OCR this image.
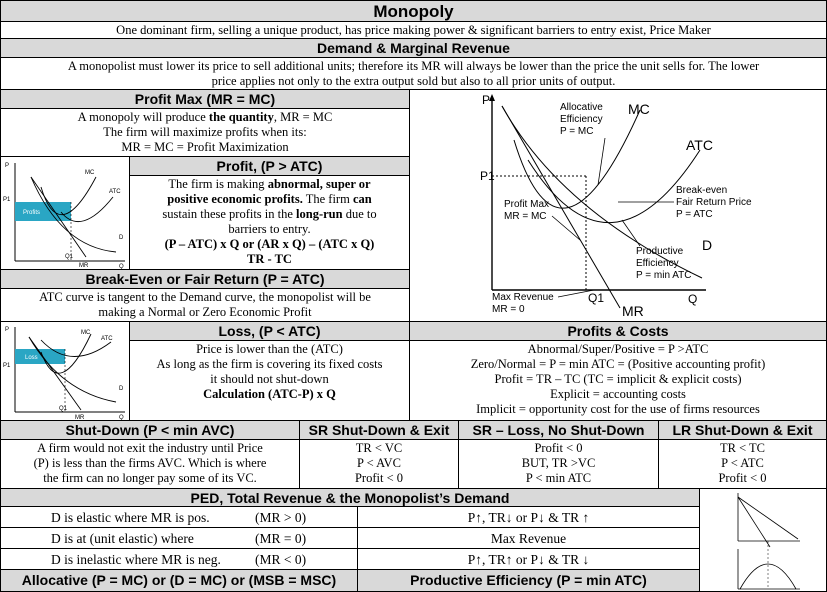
Monopoly
One dominant firm, selling a unique product, has price making power & significant barriers to entry exist, Price Maker
Demand & Marginal Revenue
A monopolist must lower its price to sell additional units; therefore its MR will always be lower than the price the unit sells for. The lower
price applies not only to the extra output sold but also to all prior units of output.
Profit Max (MR = MC)
A monopoly will produce the quantity, MR = MC
The firm will maximize profits when its:
MR = MC = Profit Maximization
P
Q
Profits
MC
ATC
P1
D
Q1
MR
Profit, (P > ATC)
The firm is making abnormal, super or
positive economic profits. The firm can
sustain these profits in the long-run due to
barriers to entry.
(P – ATC) x Q or (AR x Q) – (ATC x Q)
TR - TC
Break-Even or Fair Return (P = ATC)
ATC curve is tangent to the Demand curve, the monopolist will be
making a Normal or Zero Economic Profit
P
Q
Loss
MC
ATC
P1
D
Q1
MR
Loss, (P < ATC)
Price is lower than the (ATC)
As long as the firm is covering its fixed costs
it should not shut-down
Calculation (ATC-P) x Q
P
Q
P1
Q1
MC
ATC
D
MR
Allocative
Efficiency
P = MC
Break-even
Fair Return Price
P = ATC
Profit Max
MR = MC
Productive
Efficiency
P = min ATC
Max Revenue
MR = 0
Profits & Costs
Abnormal/Super/Positive = P >ATC
Zero/Normal = P = min ATC = (Positive accounting profit)
Profit = TR – TC (TC = implicit & explicit costs)
Explicit = accounting costs
Implicit = opportunity cost for the use of firms resources
Shut-Down (P < min AVC)
A firm would not exit the industry until Price
(P) is less than the firms AVC. Which is where
the firm can no longer pay some of its VC.
SR Shut-Down & Exit
TR < VC
P < AVC
Profit < 0
SR – Loss, No Shut-Down
Profit < 0
BUT, TR >VC
P < min ATC
LR Shut-Down & Exit
TR < TC
P < ATC
Profit < 0
PED, Total Revenue & the Monopolist’s Demand
D is elastic where MR is pos.	(MR > 0)	P↑, TR↓ or P↓ & TR ↑
D is at (unit elastic) where	(MR = 0)	Max Revenue
D is inelastic where MR is neg.	(MR < 0)	P↑, TR↑ or P↓ & TR ↓
Allocative (P = MC) or (D = MC) or (MSB = MSC)	Productive Efficiency (P = min ATC)
